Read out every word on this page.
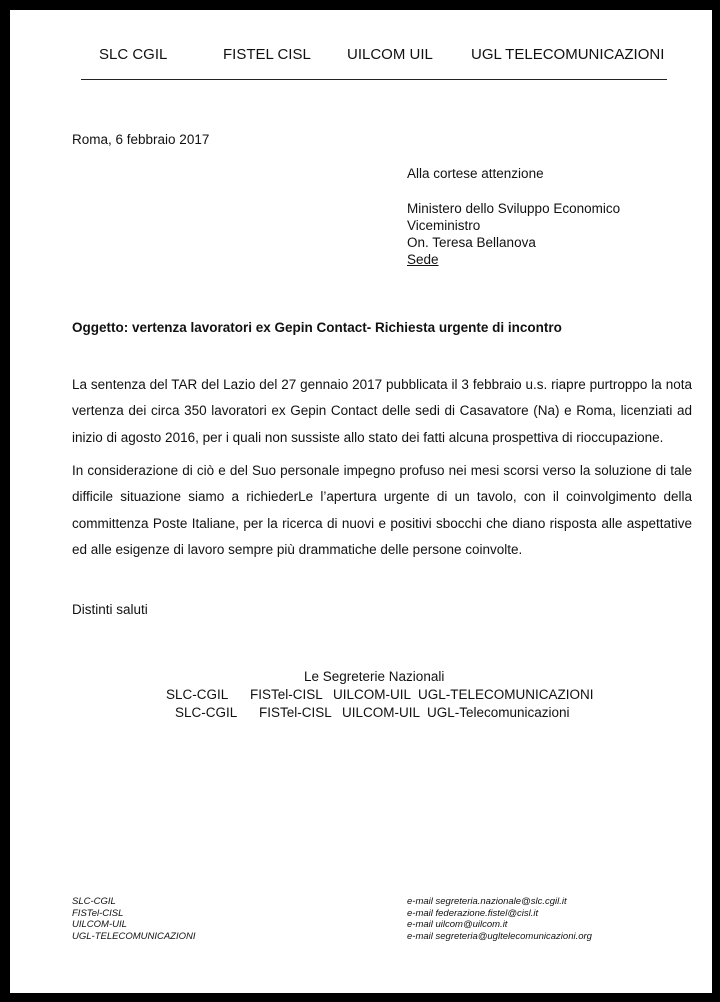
SLC CGIL	FISTEL CISL UILCOM UIL	UGL TELECOMUNICAZIONI
Roma, 6 febbraio 2017
Alla cortese attenzione
Ministero dello Sviluppo Economico
Viceministro
On. Teresa Bellanova
Sede
Oggetto: vertenza lavoratori ex Gepin Contact- Richiesta urgente di incontro
La sentenza del TAR del Lazio del 27 gennaio 2017 pubblicata il 3 febbraio u.s. riapre purtroppo la nota vertenza dei circa 350 lavoratori ex Gepin Contact delle sedi di Casavatore (Na) e Roma, licenziati ad inizio di agosto 2016, per i quali non sussiste allo stato dei fatti alcuna prospettiva di rioccupazione.
In considerazione di ciò e del Suo personale impegno profuso nei mesi scorsi verso la soluzione di tale difficile situazione siamo a richiederLe l’apertura urgente di un tavolo, con il coinvolgimento della committenza Poste Italiane, per la ricerca di nuovi e positivi sbocchi che diano risposta alle aspettative ed alle esigenze di lavoro sempre più drammatiche delle persone coinvolte.
Distinti saluti
Le Segreterie Nazionali
SLC-CGIL FISTel-CISL UILCOM-UIL UGL-TELECOMUNICAZIONI
SLC-CGIL FISTel-CISL UILCOM-UIL UGL-Telecomunicazioni
SLC-CGIL
FISTel-CISL
UILCOM-UIL
UGL-TELECOMUNICAZIONI
e-mail segreteria.nazionale@slc.cgil.it
e-mail federazione.fistel@cisl.it
e-mail uilcom@uilcom.it
e-mail segreteria@ugltelecomunicazioni.org
